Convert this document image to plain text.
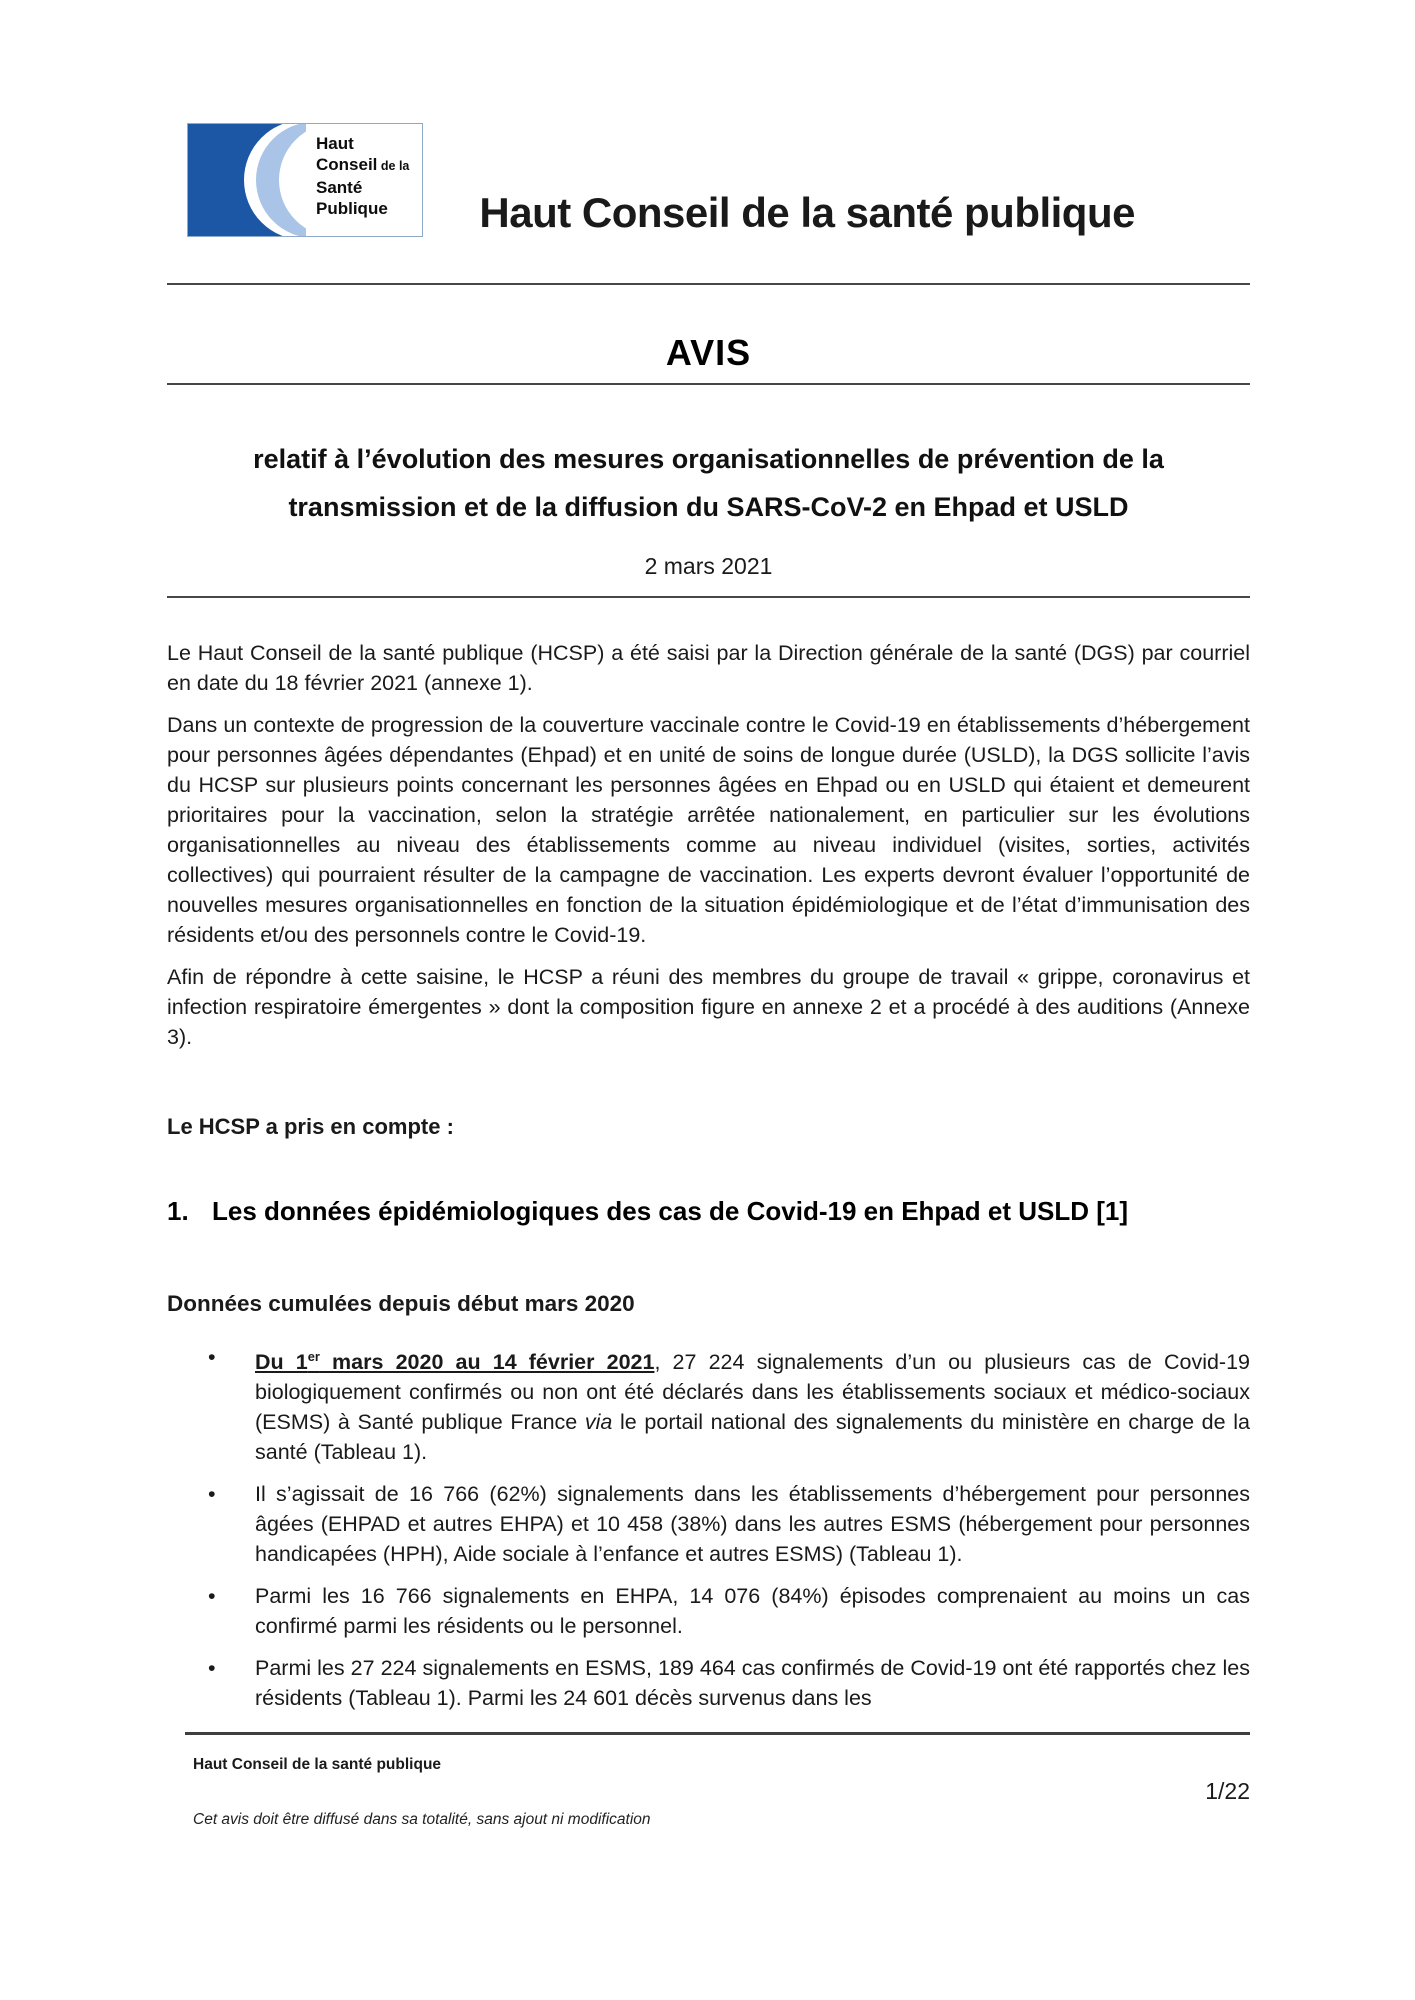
Haut
Conseil de la
Santé
Publique	Haut Conseil de la santé publique
AVIS
relatif à l’évolution des mesures organisationnelles de prévention de la
transmission et de la diffusion du SARS-CoV-2 en Ehpad et USLD
2 mars 2021

Le Haut Conseil de la santé publique (HCSP) a été saisi par la Direction générale de la santé (DGS) par courriel en date du 18 février 2021 (annexe 1).

Dans un contexte de progression de la couverture vaccinale contre le Covid-19 en établissements d’hébergement pour personnes âgées dépendantes (Ehpad) et en unité de soins de longue durée (USLD), la DGS sollicite l’avis du HCSP sur plusieurs points concernant les personnes âgées en Ehpad ou en USLD qui étaient et demeurent prioritaires pour la vaccination, selon la stratégie arrêtée nationalement, en particulier sur les évolutions organisationnelles au niveau des établissements comme au niveau individuel (visites, sorties, activités collectives) qui pourraient résulter de la campagne de vaccination. Les experts devront évaluer l’opportunité de nouvelles mesures organisationnelles en fonction de la situation épidémiologique et de l’état d’immunisation des résidents et/ou des personnels contre le Covid-19.

Afin de répondre à cette saisine, le HCSP a réuni des membres du groupe de travail « grippe, coronavirus et infection respiratoire émergentes » dont la composition figure en annexe 2 et a procédé à des auditions (Annexe 3).

Le HCSP a pris en compte :

1. Les données épidémiologiques des cas de Covid-19 en Ehpad et USLD [1]
Données cumulées depuis début mars 2020
•	Du 1er mars 2020 au 14 février 2021, 27 224 signalements d’un ou plusieurs cas de Covid-19 biologiquement confirmés ou non ont été déclarés dans les établissements sociaux et médico-sociaux (ESMS) à Santé publique France via le portail national des signalements du ministère en charge de la santé (Tableau 1).
•	Il s’agissait de 16 766 (62%) signalements dans les établissements d’hébergement pour personnes âgées (EHPAD et autres EHPA) et 10 458 (38%) dans les autres ESMS (hébergement pour personnes handicapées (HPH), Aide sociale à l’enfance et autres ESMS) (Tableau 1).
•	Parmi les 16 766 signalements en EHPA, 14 076 (84%) épisodes comprenaient au moins un cas confirmé parmi les résidents ou le personnel.
•	Parmi les 27 224 signalements en ESMS, 189 464 cas confirmés de Covid-19 ont été rapportés chez les résidents (Tableau 1). Parmi les 24 601 décès survenus dans les
Haut Conseil de la santé publique
1/22
Cet avis doit être diffusé dans sa totalité, sans ajout ni modification
